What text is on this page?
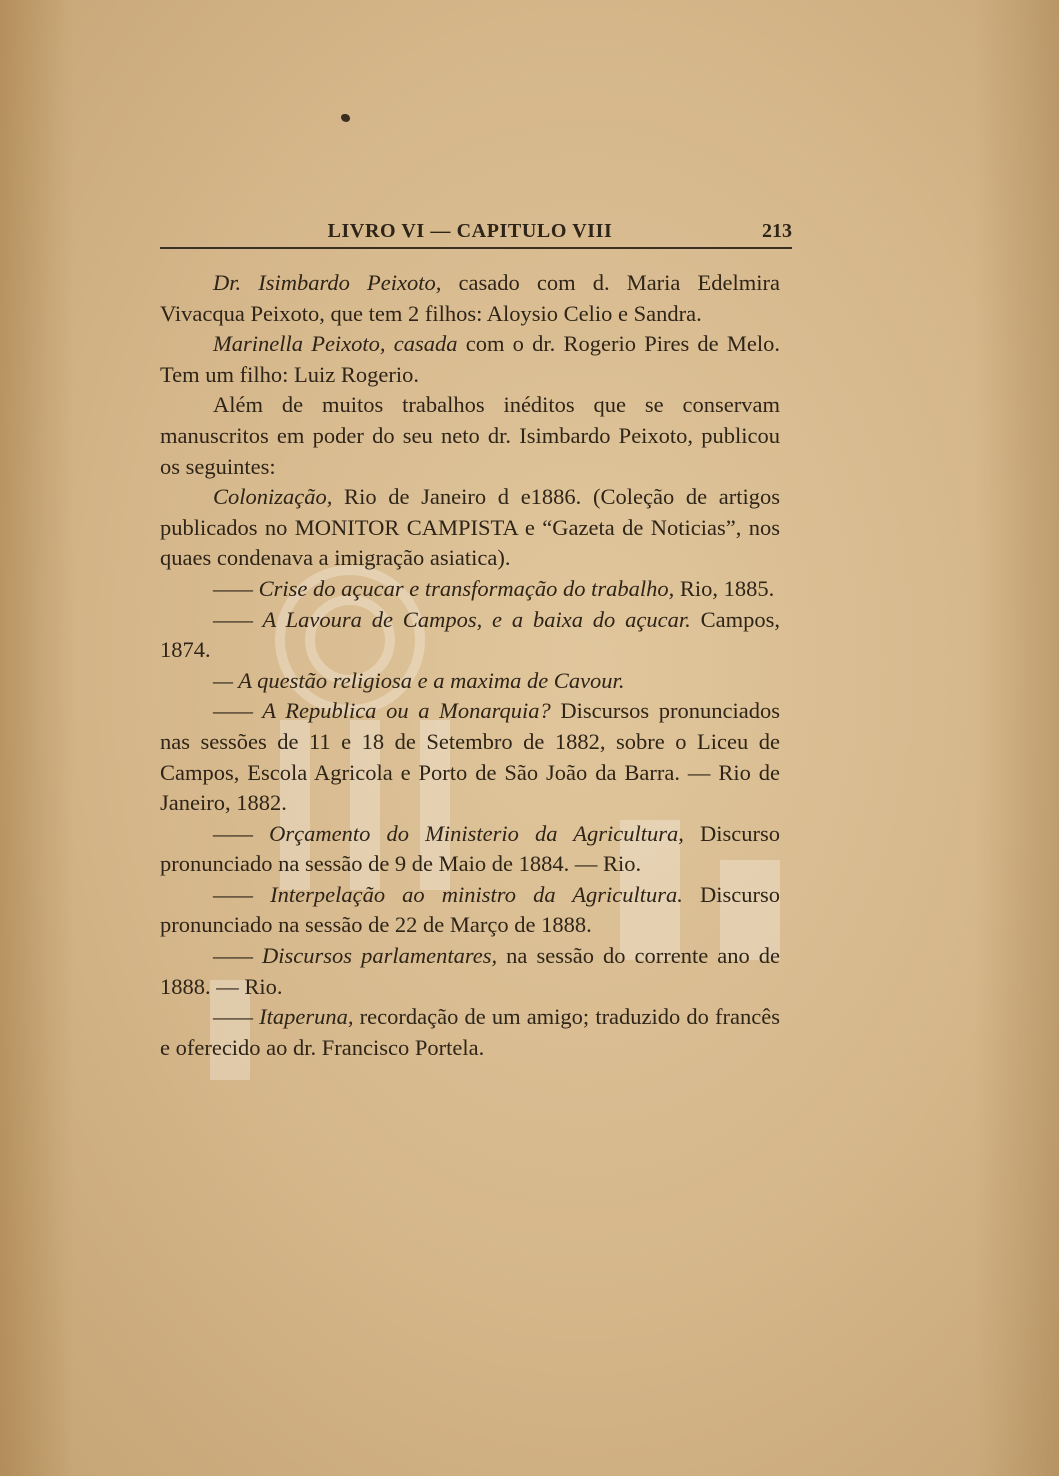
LIVRO VI — CAPITULO VIII	213

Dr. Isimbardo Peixoto, casado com d. Maria Edelmira Vivacqua Peixoto, que tem 2 filhos: Aloysio Celio e Sandra.

Marinella Peixoto, casada com o dr. Rogerio Pires de Melo. Tem um filho: Luiz Rogerio.

Além de muitos trabalhos inéditos que se conservam manuscritos em poder do seu neto dr. Isimbardo Peixoto, publicou os seguintes:

Colonização, Rio de Janeiro d e1886. (Coleção de artigos publicados no MONITOR CAMPISTA e “Gazeta de Noticias”, nos quaes condenava a imigração asiatica).

—— Crise do açucar e transformação do trabalho, Rio, 1885.

—— A Lavoura de Campos, e a baixa do açucar. Campos, 1874.

— A questão religiosa e a maxima de Cavour.

—— A Republica ou a Monarquia? Discursos pronunciados nas sessões de 11 e 18 de Setembro de 1882, sobre o Liceu de Campos, Escola Agricola e Porto de São João da Barra. — Rio de Janeiro, 1882.

—— Orçamento do Ministerio da Agricultura, Discurso pronunciado na sessão de 9 de Maio de 1884. — Rio.

—— Interpelação ao ministro da Agricultura. Discurso pronunciado na sessão de 22 de Março de 1888.

—— Discursos parlamentares, na sessão do corrente ano de 1888. — Rio.

—— Itaperuna, recordação de um amigo; traduzido do francês e oferecido ao dr. Francisco Portela.
